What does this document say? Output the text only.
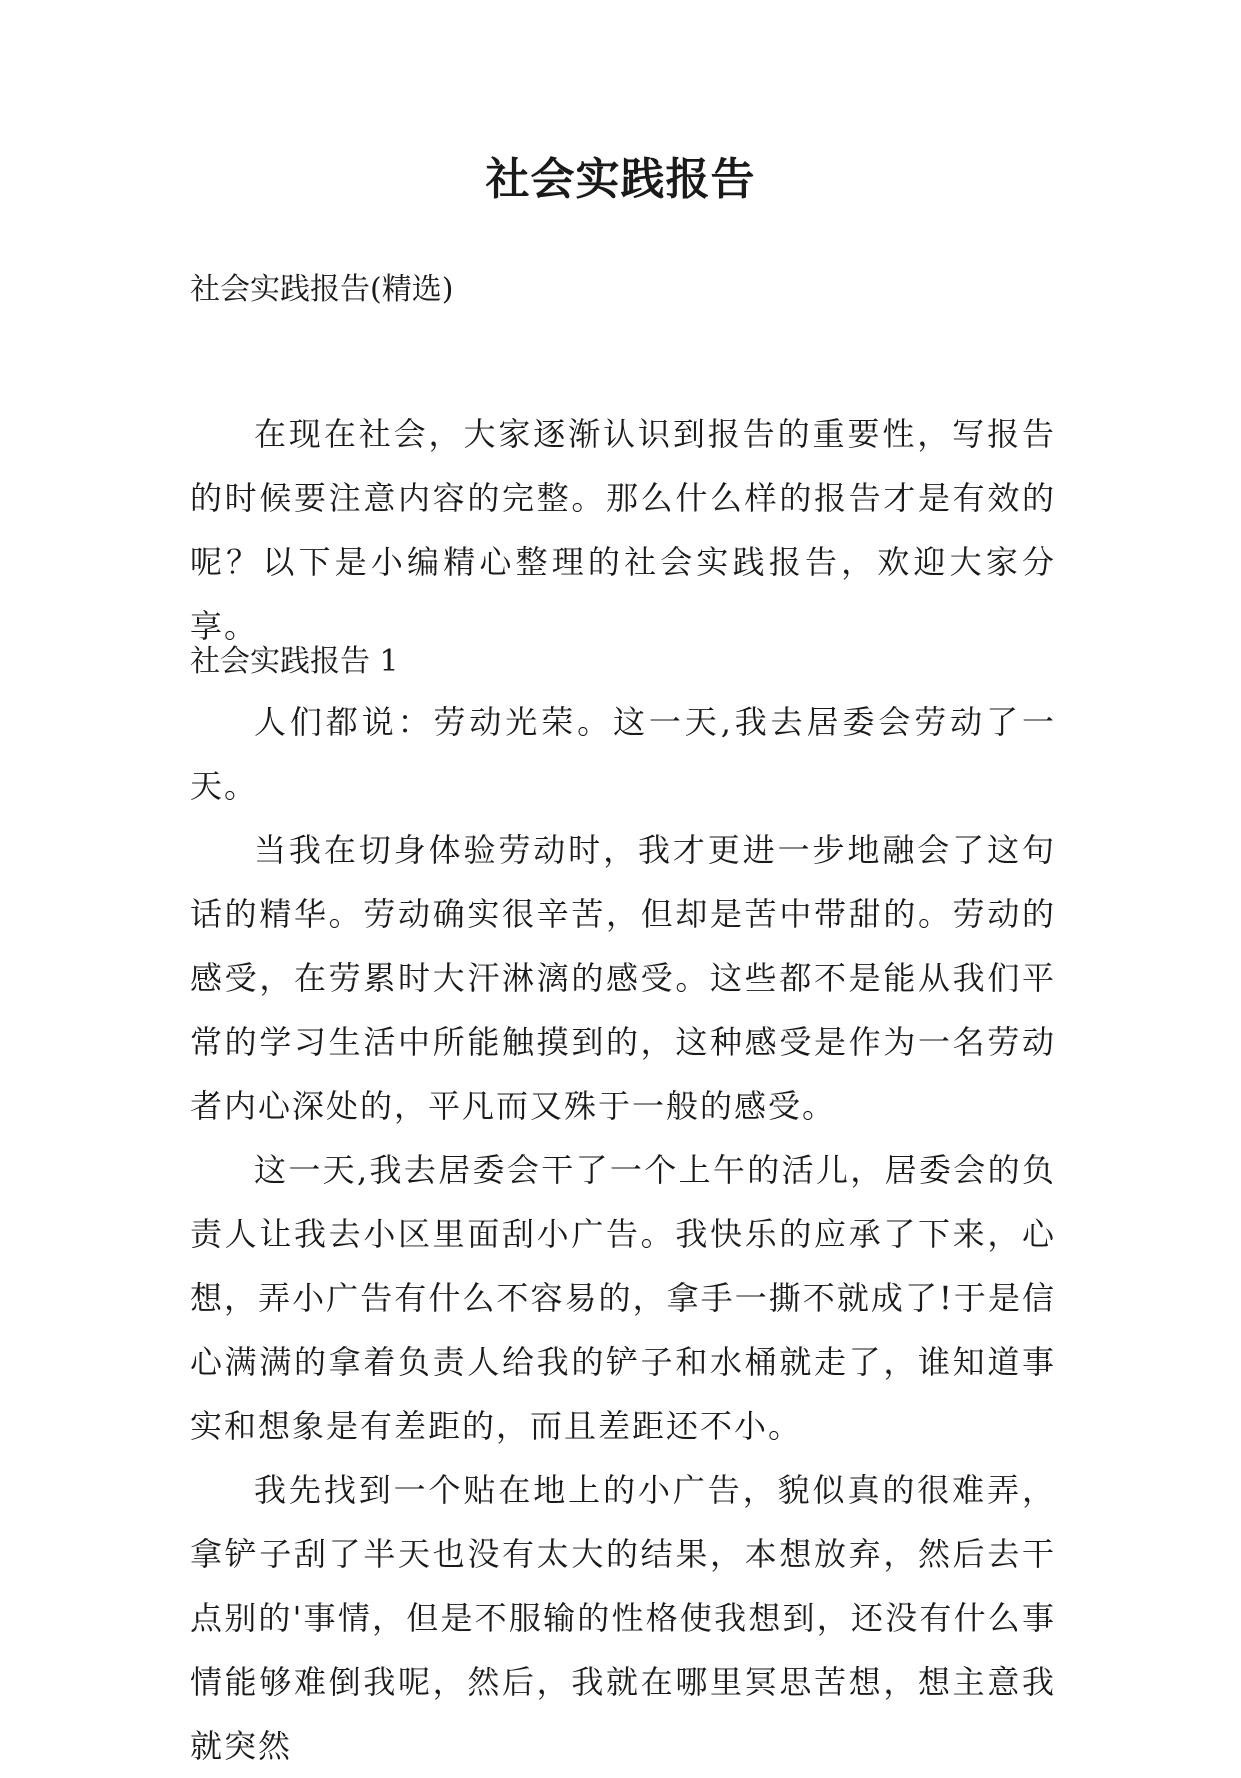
社会实践报告
社会实践报告(精选)
在现在社会，大家逐渐认识到报告的重要性，写报告的时候要注意内容的完整。那么什么样的报告才是有效的呢？以下是小编精心整理的社会实践报告，欢迎大家分享。
社会实践报告 1

人们都说：劳动光荣。这一天,我去居委会劳动了一天。

当我在切身体验劳动时，我才更进一步地融会了这句话的精华。劳动确实很辛苦，但却是苦中带甜的。劳动的感受，在劳累时大汗淋漓的感受。这些都不是能从我们平常的学习生活中所能触摸到的，这种感受是作为一名劳动者内心深处的，平凡而又殊于一般的感受。

这一天,我去居委会干了一个上午的活儿，居委会的负责人让我去小区里面刮小广告。我快乐的应承了下来，心想，弄小广告有什么不容易的，拿手一撕不就成了!于是信心满满的拿着负责人给我的铲子和水桶就走了，谁知道事实和想象是有差距的，而且差距还不小。

我先找到一个贴在地上的小广告，貌似真的很难弄，拿铲子刮了半天也没有太大的结果，本想放弃，然后去干点别的'事情，但是不服输的性格使我想到，还没有什么事情能够难倒我呢，然后，我就在哪里冥思苦想，想主意我就突然
